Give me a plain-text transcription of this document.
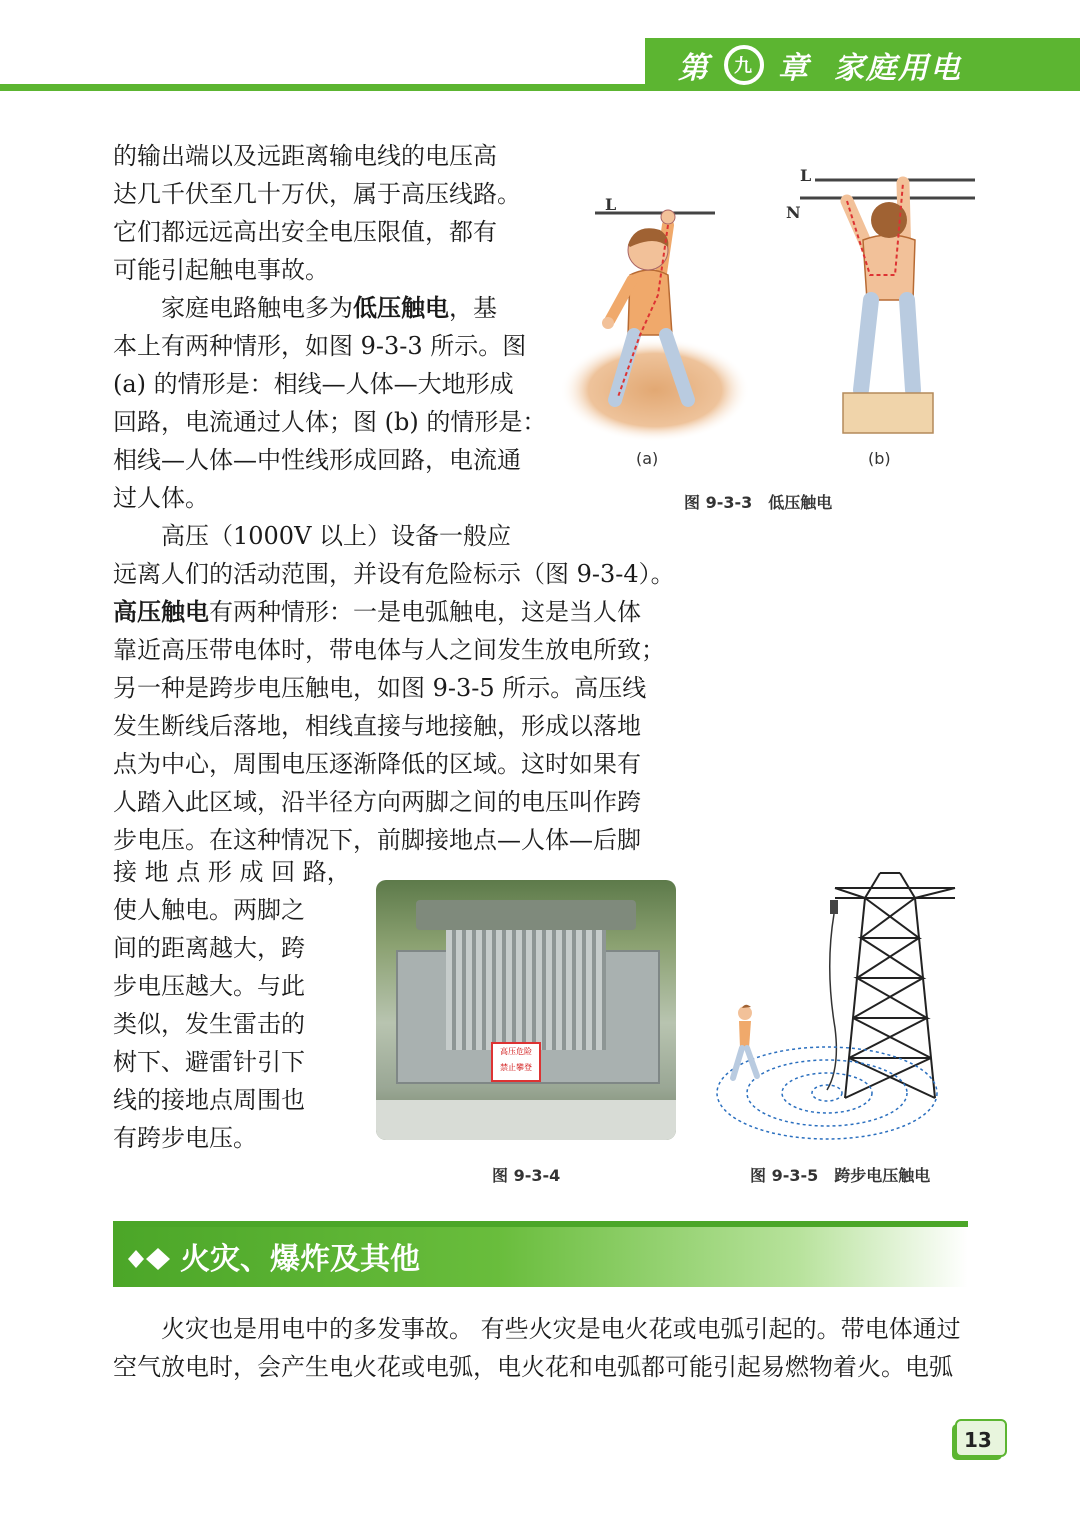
第 九 章 家庭用电

的输出端以及远距离输电线的电压高

达几千伏至几十万伏，属于高压线路。

它们都远远高出安全电压限值，都有

可能引起触电事故。

家庭电路触电多为低压触电，基

本上有两种情形，如图 9-3-3 所示。图

(a) 的情形是：相线—人体—大地形成

回路，电流通过人体；图 (b) 的情形是：

相线—人体—中性线形成回路，电流通

过人体。

高压（1000V 以上）设备一般应

远离人们的活动范围，并设有危险标示（图 9-3-4）。

高压触电有两种情形：一是电弧触电，这是当人体

靠近高压带电体时，带电体与人之间发生放电所致；

另一种是跨步电压触电，如图 9-3-5 所示。高压线

发生断线后落地，相线直接与地接触，形成以落地

点为中心，周围电压逐渐降低的区域。这时如果有

人踏入此区域，沿半径方向两脚之间的电压叫作跨

步电压。在这种情况下，前脚接地点—人体—后脚

接 地 点 形 成 回 路，

使人触电。两脚之

间的距离越大，跨

步电压越大。与此

类似，发生雷击的

树下、避雷针引下

线的接地点周围也

有跨步电压。

L
(a)
L
N
(b)
图 9-3-3　低压触电
高压危险
禁止攀登
图 9-3-4	图 9-3-5　跨步电压触电
火灾、爆炸及其他

火灾也是用电中的多发事故。 有些火灾是电火花或电弧引起的。带电体通过

空气放电时，会产生电火花或电弧，电火花和电弧都可能引起易燃物着火。电弧

13
